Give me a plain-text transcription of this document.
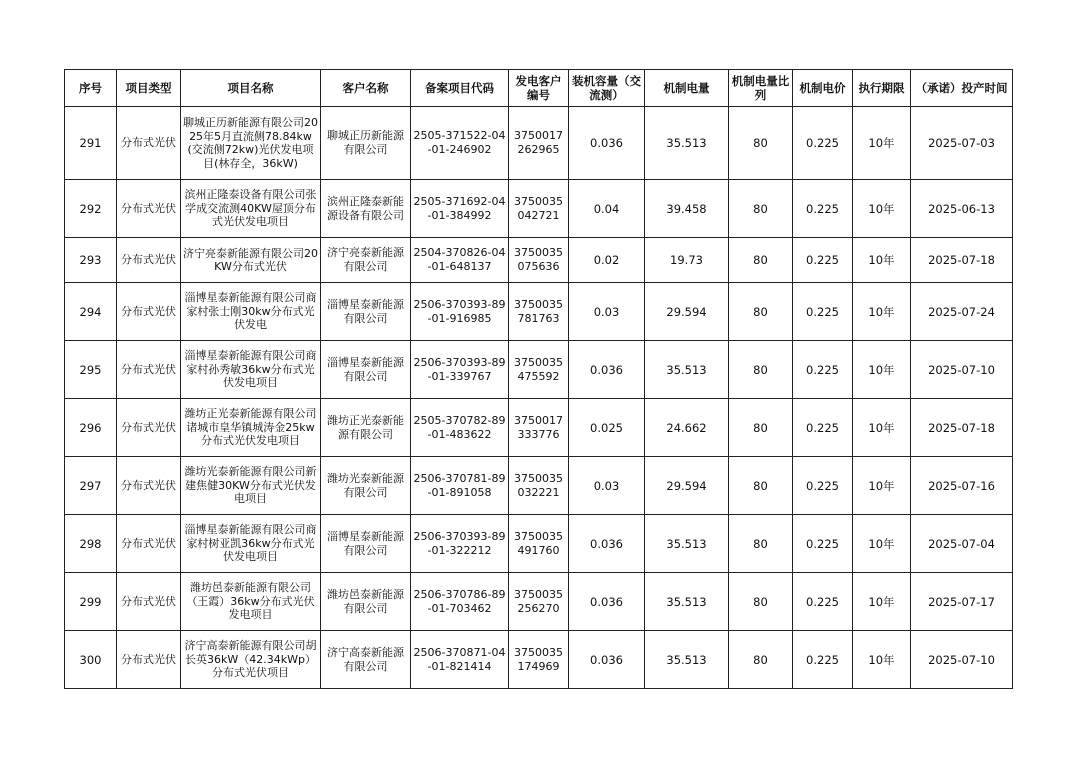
序号	项目类型	项目名称	客户名称	备案项目代码	发电客户编号	装机容量（交流测）	机制电量	机制电量比列	机制电价	执行期限	（承诺）投产时间
291	分布式光伏	聊城正历新能源有限公司2025年5月直流侧78.84kw(交流侧72kw)光伏发电项目(林存全，36kW)	聊城正历新能源有限公司	2505-371522-04-01-246902	3750017262965	0.036	35.513	80	0.225	10年	2025-07-03
292	分布式光伏	滨州正隆泰设备有限公司张学成交流测40KW屋顶分布式光伏发电项目	滨州正隆泰新能源设备有限公司	2505-371692-04-01-384992	3750035042721	0.04	39.458	80	0.225	10年	2025-06-13
293	分布式光伏	济宁亮泰新能源有限公司20KW分布式光伏	济宁亮泰新能源有限公司	2504-370826-04-01-648137	3750035075636	0.02	19.73	80	0.225	10年	2025-07-18
294	分布式光伏	淄博星泰新能源有限公司商家村张士刚30kw分布式光伏发电	淄博星泰新能源有限公司	2506-370393-89-01-916985	3750035781763	0.03	29.594	80	0.225	10年	2025-07-24
295	分布式光伏	淄博星泰新能源有限公司商家村孙秀敏36kw分布式光伏发电项目	淄博星泰新能源有限公司	2506-370393-89-01-339767	3750035475592	0.036	35.513	80	0.225	10年	2025-07-10
296	分布式光伏	潍坊正光泰新能源有限公司诸城市皇华镇城涛金25kw分布式光伏发电项目	潍坊正光泰新能源有限公司	2505-370782-89-01-483622	3750017333776	0.025	24.662	80	0.225	10年	2025-07-18
297	分布式光伏	潍坊光泰新能源有限公司新建焦健30KW分布式光伏发电项目	潍坊光泰新能源有限公司	2506-370781-89-01-891058	3750035032221	0.03	29.594	80	0.225	10年	2025-07-16
298	分布式光伏	淄博星泰新能源有限公司商家村树亚凯36kw分布式光伏发电项目	淄博星泰新能源有限公司	2506-370393-89-01-322212	3750035491760	0.036	35.513	80	0.225	10年	2025-07-04
299	分布式光伏	潍坊邑泰新能源有限公司（王霞）36kw分布式光伏发电项目	潍坊邑泰新能源有限公司	2506-370786-89-01-703462	3750035256270	0.036	35.513	80	0.225	10年	2025-07-17
300	分布式光伏	济宁高泰新能源有限公司胡长英36kW（42.34kWp）分布式光伏项目	济宁高泰新能源有限公司	2506-370871-04-01-821414	3750035174969	0.036	35.513	80	0.225	10年	2025-07-10
